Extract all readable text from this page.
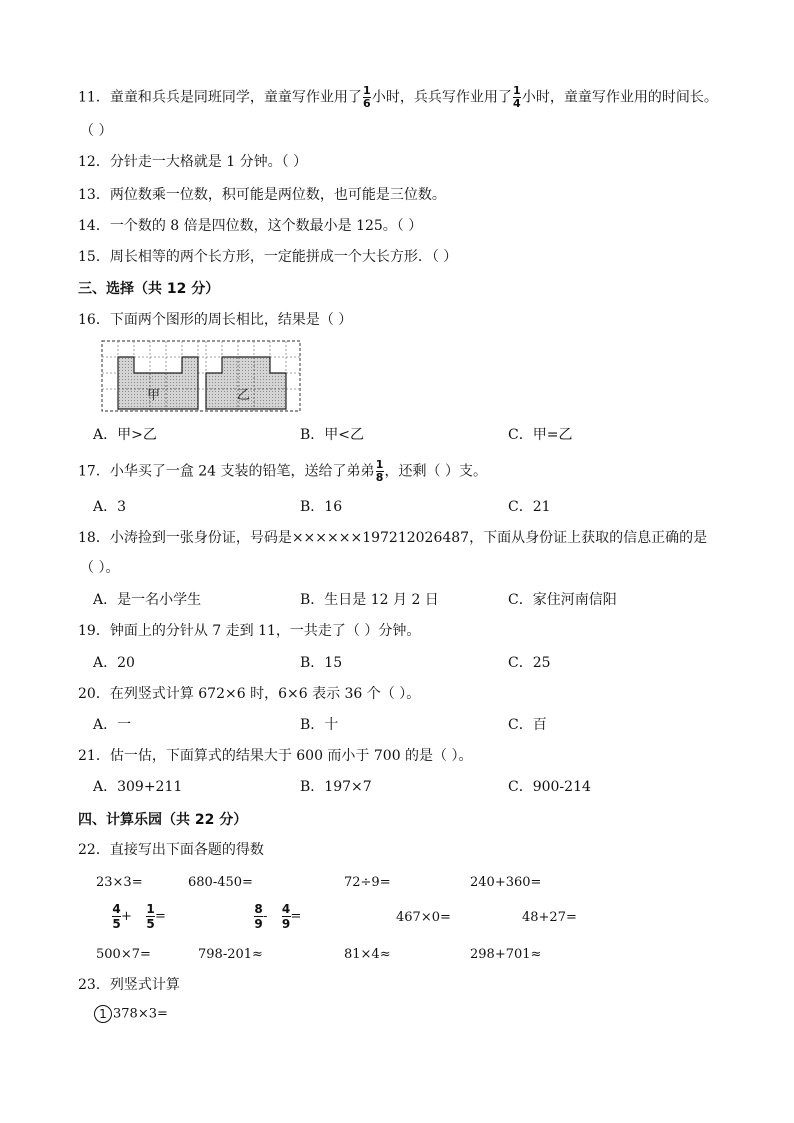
11．童童和兵兵是同班同学，童童写作业用了 $\frac{1}{6}$ 小时，兵兵写作业用了 $\frac{1}{4}$ 小时，童童写作业用的时间长。
（ ）
12．分针走一大格就是 1 分钟。（ ）
13．两位数乘一位数，积可能是两位数，也可能是三位数。
14．一个数的 8 倍是四位数，这个数最小是 125。（ ）
15．周长相等的两个长方形，一定能拼成一个大长方形．（ ）
三、选择（共 12 分）
16．下面两个图形的周长相比，结果是（ ）
甲	乙
A．甲>乙	B．甲<乙	C．甲=乙
17．小华买了一盒 24 支装的铅笔，送给了弟弟 $\frac{1}{8}$ ，还剩（ ）支。
A．3	B．16	C．21
18．小涛捡到一张身份证，号码是××××××197212026487，下面从身份证上获取的信息正确的是
（ ）。
A．是一名小学生	B．生日是 12 月 2 日	C．家住河南信阳
19．钟面上的分针从 7 走到 11，一共走了（ ）分钟。
A．20	B．15	C．25
20．在列竖式计算 672×6 时，6×6 表示 36 个（ ）。
A．一	B．十	C．百
21．估一估，下面算式的结果大于 600 而小于 700 的是（ ）。
A．309+211	B．197×7	C．900-214
四、计算乐园（共 22 分）
22．直接写出下面各题的得数
23×3=	680-450=	72÷9=	240+360=
$\frac{4}{5} + \frac{1}{5}$ =	$\frac{8}{9} - \frac{4}{9}$ =	467×0=	48+27=
500×7=	798-201≈	81×4≈	298+701≈
23．列竖式计算
1 378×3=
